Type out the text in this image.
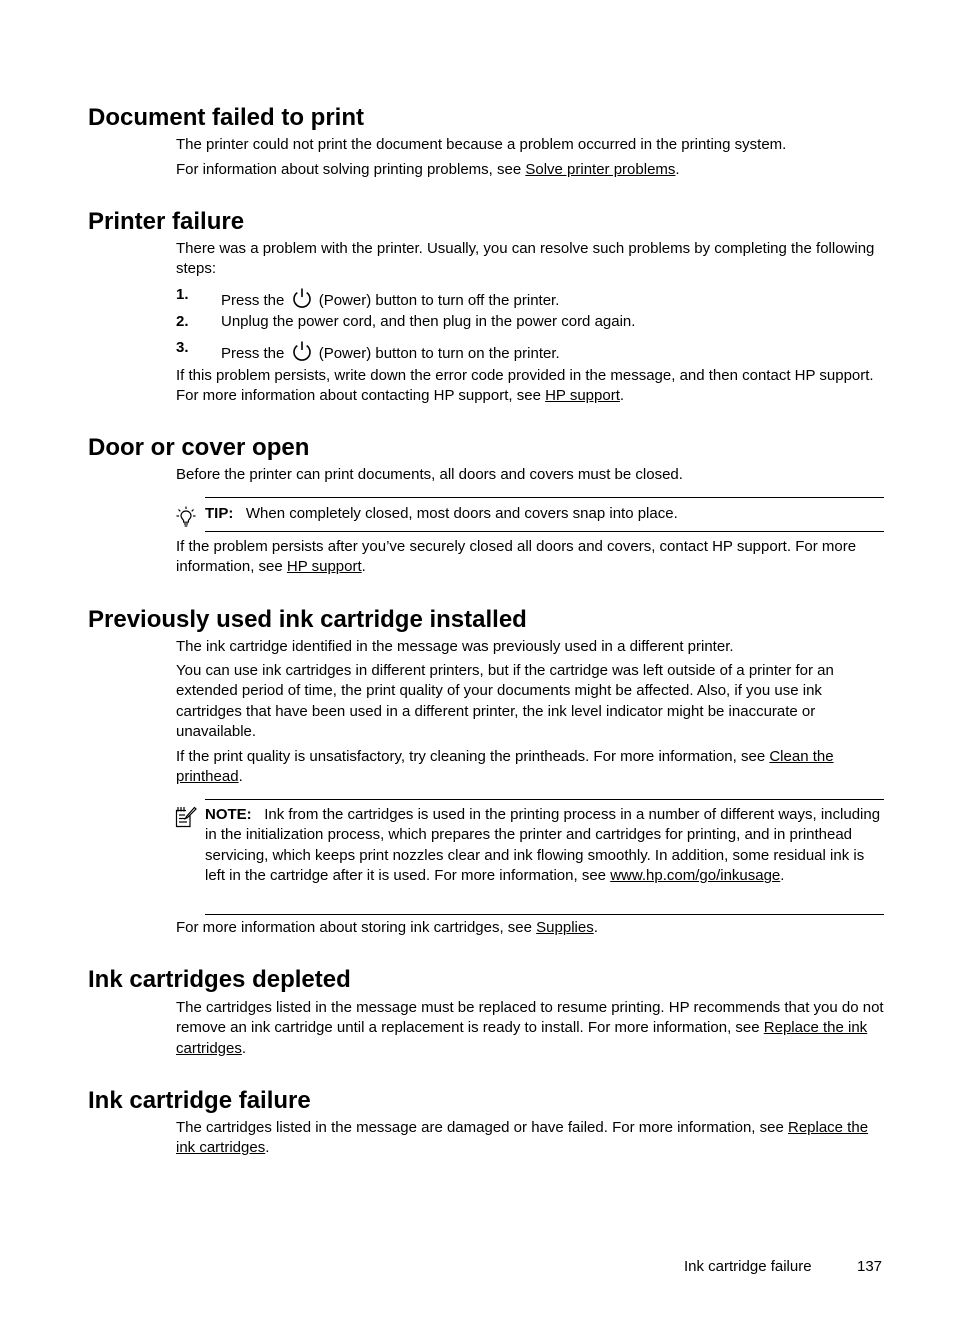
Document failed to print

The printer could not print the document because a problem occurred in the printing system.

For information about solving printing problems, see Solve printer problems.

Printer failure

There was a problem with the printer. Usually, you can resolve such problems by completing the following steps:

1. Press the  (Power) button to turn off the printer.
2. Unplug the power cord, and then plug in the power cord again.
3. Press the  (Power) button to turn on the printer.

If this problem persists, write down the error code provided in the message, and then contact HP support. For more information about contacting HP support, see HP support.

Door or cover open

Before the printer can print documents, all doors and covers must be closed.

TIP: When completely closed, most doors and covers snap into place.

If the problem persists after you’ve securely closed all doors and covers, contact HP support. For more information, see HP support.

Previously used ink cartridge installed

The ink cartridge identified in the message was previously used in a different printer.

You can use ink cartridges in different printers, but if the cartridge was left outside of a printer for an extended period of time, the print quality of your documents might be affected. Also, if you use ink cartridges that have been used in a different printer, the ink level indicator might be inaccurate or unavailable.

If the print quality is unsatisfactory, try cleaning the printheads. For more information, see Clean the printhead.

NOTE: Ink from the cartridges is used in the printing process in a number of different ways, including in the initialization process, which prepares the printer and cartridges for printing, and in printhead servicing, which keeps print nozzles clear and ink flowing smoothly. In addition, some residual ink is left in the cartridge after it is used. For more information, see www.hp.com/go/inkusage.

For more information about storing ink cartridges, see Supplies.

Ink cartridges depleted

The cartridges listed in the message must be replaced to resume printing. HP recommends that you do not remove an ink cartridge until a replacement is ready to install. For more information, see Replace the ink cartridges.

Ink cartridge failure

The cartridges listed in the message are damaged or have failed. For more information, see Replace the ink cartridges.

Ink cartridge failure	137
